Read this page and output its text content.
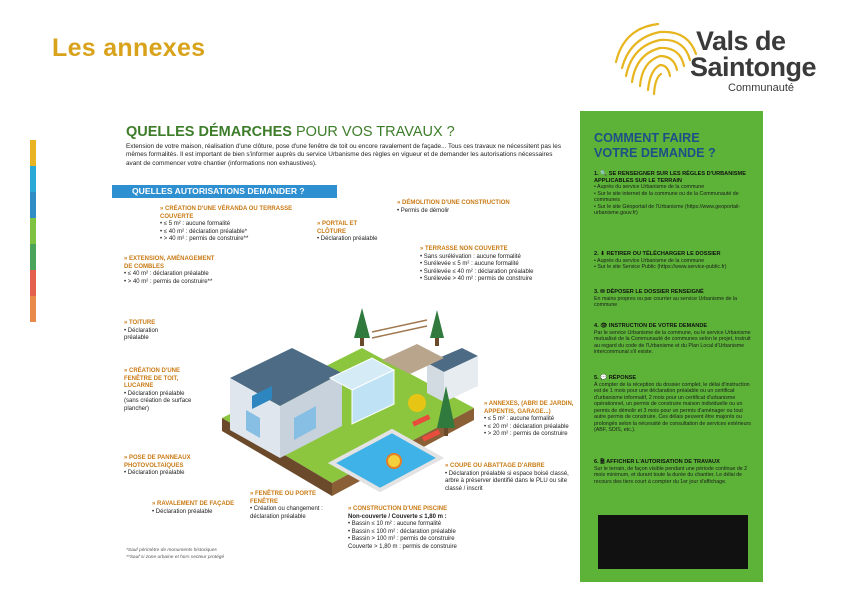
Les annexes	Vals de
Saintonge
Communauté
QUELLES DÉMARCHES POUR VOS TRAVAUX ?
Extension de votre maison, réalisation d'une clôture, pose d'une fenêtre de toit ou encore ravalement de façade... Tous ces travaux ne nécessitent pas les mêmes formalités. Il est important de bien s'informer auprès du service Urbanisme des règles en vigueur et de demander les autorisations nécessaires avant de commencer votre chantier (informations non exhaustives).
QUELLES AUTORISATIONS DEMANDER ?
» CRÉATION D'UNE VÉRANDA OU TERRASSE COUVERTE
• ≤ 5 m² : aucune formalité
• ≤ 40 m² : déclaration préalable*
• > 40 m² : permis de construire**
» PORTAIL ET CLÔTURE
• Déclaration préalable
» DÉMOLITION D'UNE CONSTRUCTION
• Permis de démolir
» EXTENSION, AMÉNAGEMENT DE COMBLES
• ≤ 40 m² : déclaration préalable
• > 40 m² : permis de construire**
» TERRASSE NON COUVERTE
• Sans surélévation : aucune formalité
• Surélevée ≤ 5 m² : aucune formalité
• Surélevée ≤ 40 m² : déclaration préalable
• Surélevée > 40 m² : permis de construire
» TOITURE
• Déclaration préalable
» CRÉATION D'UNE FENÊTRE DE TOIT, LUCARNE
• Déclaration préalable (sans création de surface plancher)
» ANNEXES, (ABRI DE JARDIN, APPENTIS, GARAGE...)
• ≤ 5 m² : aucune formalité
• ≤ 20 m² : déclaration préalable
• > 20 m² : permis de construire
» POSE DE PANNEAUX PHOTOVOLTAÏQUES
• Déclaration préalable
» COUPE OU ABATTAGE D'ARBRE
• Déclaration préalable si espace boisé classé, arbre à préserver identifié dans le PLU ou site classé / inscrit
» RAVALEMENT DE FAÇADE
• Déclaration préalable
» FENÊTRE OU PORTE FENÊTRE
• Création ou changement : déclaration préalable
» CONSTRUCTION D'UNE PISCINE
Non-couverte / Couverte ≤ 1,80 m :
• Bassin ≤ 10 m² : aucune formalité
• Bassin ≤ 100 m² : déclaration préalable
• Bassin > 100 m² : permis de construire
Couverte > 1,80 m : permis de construire
*Sauf périmètre de monuments historiques
**Sauf si zone urbaine et hors secteur protégé
COMMENT FAIRE VOTRE DEMANDE ?
1. 🔍 SE RENSEIGNER SUR LES RÈGLES D'URBANISME APPLICABLES SUR LE TERRAIN
• Auprès du service Urbanisme de la commune
• Sur le site internet de la commune ou de la Communauté de communes
• Sur le site Géoportail de l'Urbanisme (https://www.geoportail-urbanisme.gouv.fr)
2. ⬇ RETIRER OU TÉLÉCHARGER LE DOSSIER
• Auprès du service Urbanisme de la commune
• Sur le site Service Public (https://www.service-public.fr)
3. ✉ DÉPOSER LE DOSSIER RENSEIGNÉ
En mains propres ou par courrier au service Urbanisme de la commune
4. 👁 INSTRUCTION DE VOTRE DEMANDE
Par le service Urbanisme de la commune, ou le service Urbanisme mutualisé de la Communauté de communes selon le projet, instruit au regard du code de l'Urbanisme et du Plan Local d'Urbanisme intercommunal s'il existe.
5. 💬 RÉPONSE
À compter de la réception du dossier complet, le délai d'instruction est de 1 mois pour une déclaration préalable ou un certificat d'urbanisme informatif, 2 mois pour un certificat d'urbanisme opérationnel, un permis de construire maison individuelle ou un permis de démolir et 3 mois pour un permis d'aménager ou tout autre permis de construire. Ces délais peuvent être majorés ou prolongés selon la nécessité de consultation de services extérieurs (ABF, SDIS, etc.).
6. 🖹 AFFICHER L'AUTORISATION DE TRAVAUX
Sur le terrain, de façon visible pendant une période continue de 2 mois minimum, et durant toute la durée du chantier. Le délai de recours des tiers court à compter du 1er jour d'affichage.
